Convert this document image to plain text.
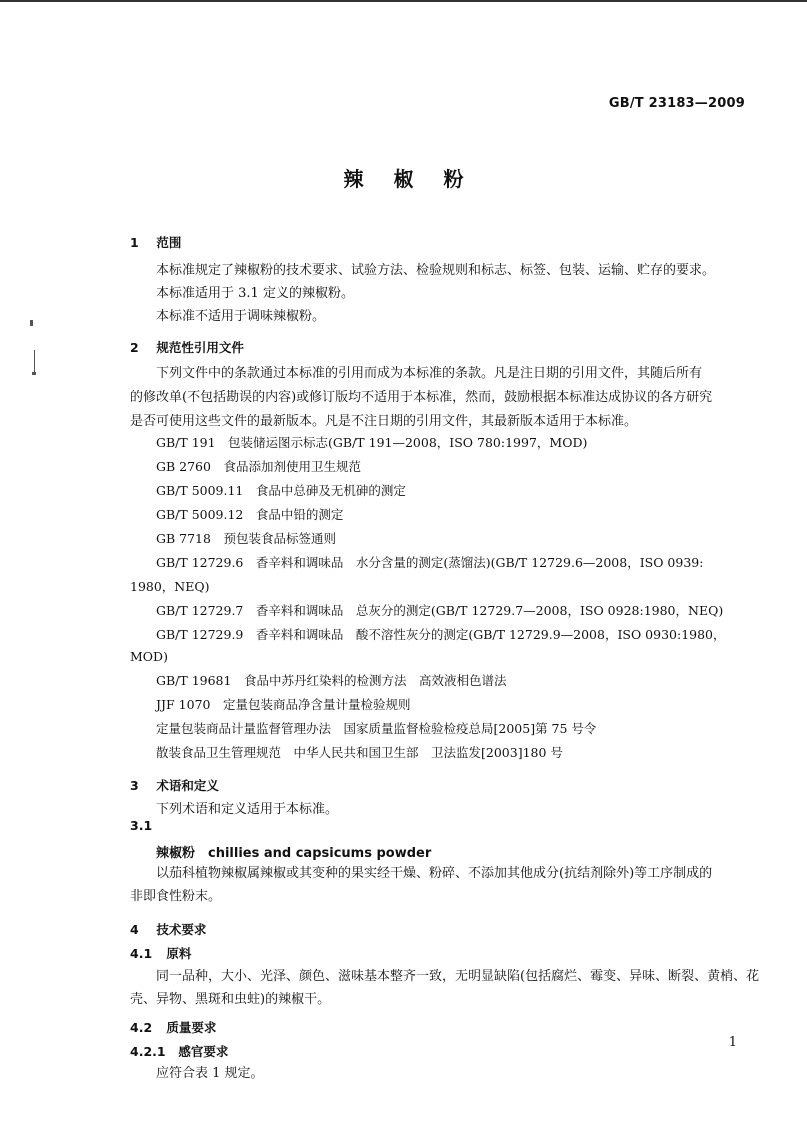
GB/T 23183—2009
辣椒粉
1 范围
本标准规定了辣椒粉的技术要求、试验方法、检验规则和标志、标签、包装、运输、贮存的要求。
本标准适用于 3.1 定义的辣椒粉。
本标准不适用于调味辣椒粉。
2 规范性引用文件
下列文件中的条款通过本标准的引用而成为本标准的条款。凡是注日期的引用文件，其随后所有
的修改单(不包括勘误的内容)或修订版均不适用于本标准，然而，鼓励根据本标准达成协议的各方研究
是否可使用这些文件的最新版本。凡是不注日期的引用文件，其最新版本适用于本标准。
GB/T 191　包装储运图示标志(GB/T 191—2008，ISO 780:1997，MOD)
GB 2760　食品添加剂使用卫生规范
GB/T 5009.11　食品中总砷及无机砷的测定
GB/T 5009.12　食品中铅的测定
GB 7718　预包装食品标签通则
GB/T 12729.6　香辛料和调味品　水分含量的测定(蒸馏法)(GB/T 12729.6—2008，ISO 0939:
1980，NEQ)
GB/T 12729.7　香辛料和调味品　总灰分的测定(GB/T 12729.7—2008，ISO 0928:1980，NEQ)
GB/T 12729.9　香辛料和调味品　酸不溶性灰分的测定(GB/T 12729.9—2008，ISO 0930:1980，
MOD)
GB/T 19681　食品中苏丹红染料的检测方法　高效液相色谱法
JJF 1070　定量包装商品净含量计量检验规则
定量包装商品计量监督管理办法　国家质量监督检验检疫总局[2005]第 75 号令
散装食品卫生管理规范　中华人民共和国卫生部　卫法监发[2003]180 号
3 术语和定义
下列术语和定义适用于本标准。
3.1
辣椒粉　chillies and capsicums powder
以茄科植物辣椒属辣椒或其变种的果实经干燥、粉碎、不添加其他成分(抗结剂除外)等工序制成的
非即食性粉末。
4 技术要求
4.1 原料
同一品种，大小、光泽、颜色、滋味基本整齐一致，无明显缺陷(包括腐烂、霉变、异味、断裂、黄梢、花
壳、异物、黑斑和虫蛀)的辣椒干。
4.2 质量要求
4.2.1 感官要求
应符合表 1 规定。
1
